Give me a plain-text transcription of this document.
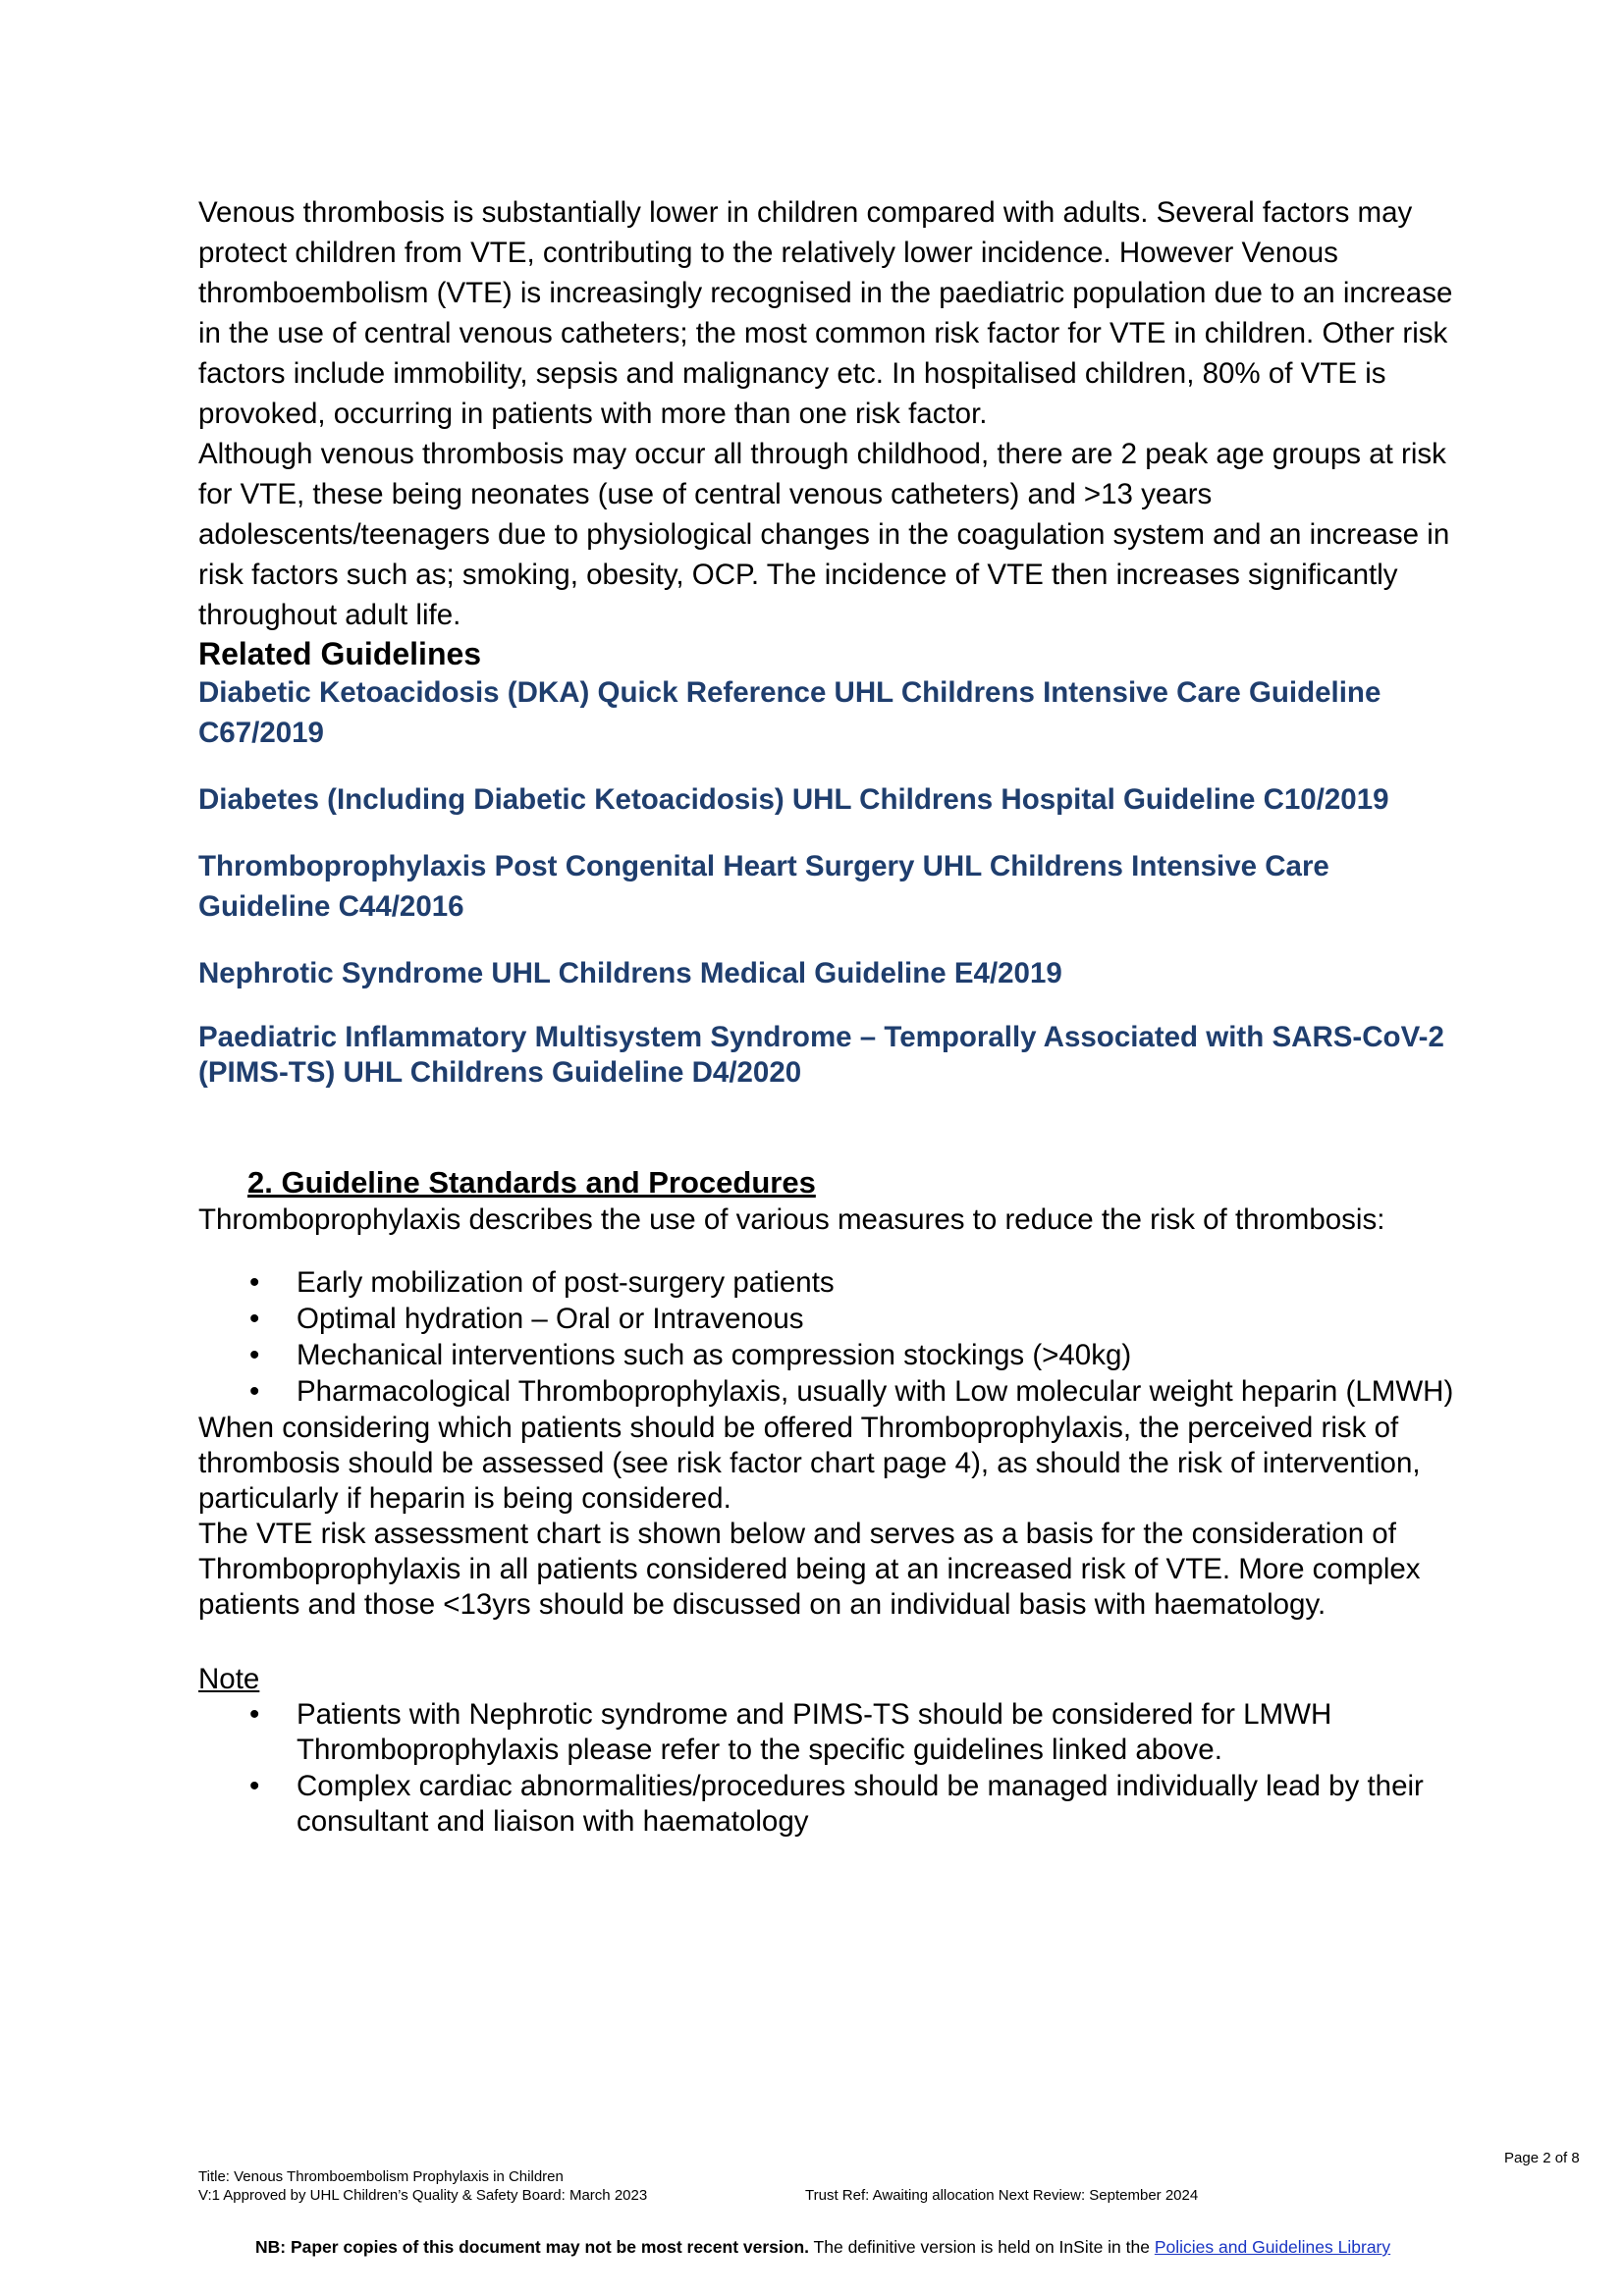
Venous thrombosis is substantially lower in children compared with adults. Several factors may protect children from VTE, contributing to the relatively lower incidence. However Venous thromboembolism (VTE) is increasingly recognised in the paediatric population due to an increase in the use of central venous catheters; the most common risk factor for VTE in children. Other risk factors include immobility, sepsis and malignancy etc. In hospitalised children, 80% of VTE is provoked, occurring in patients with more than one risk factor.

Although venous thrombosis may occur all through childhood, there are 2 peak age groups at risk for VTE, these being neonates (use of central venous catheters) and >13 years adolescents/teenagers due to physiological changes in the coagulation system and an increase in risk factors such as; smoking, obesity, OCP. The incidence of VTE then increases significantly throughout adult life.

Related Guidelines
Diabetic Ketoacidosis (DKA) Quick Reference UHL Childrens Intensive Care Guideline C67/2019
Diabetes (Including Diabetic Ketoacidosis) UHL Childrens Hospital Guideline C10/2019
Thromboprophylaxis Post Congenital Heart Surgery UHL Childrens Intensive Care Guideline C44/2016
Nephrotic Syndrome UHL Childrens Medical Guideline E4/2019
Paediatric Inflammatory Multisystem Syndrome – Temporally Associated with SARS-CoV-2 (PIMS-TS) UHL Childrens Guideline D4/2020
2. Guideline Standards and Procedures

Thromboprophylaxis describes the use of various measures to reduce the risk of thrombosis:

• Early mobilization of post-surgery patients
• Optimal hydration – Oral or Intravenous
• Mechanical interventions such as compression stockings (>40kg)
• Pharmacological Thromboprophylaxis, usually with Low molecular weight heparin (LMWH)

When considering which patients should be offered Thromboprophylaxis, the perceived risk of thrombosis should be assessed (see risk factor chart page 4), as should the risk of intervention, particularly if heparin is being considered.

The VTE risk assessment chart is shown below and serves as a basis for the consideration of Thromboprophylaxis in all patients considered being at an increased risk of VTE. More complex patients and those <13yrs should be discussed on an individual basis with haematology.

Note
• Patients with Nephrotic syndrome and PIMS-TS should be considered for LMWH Thromboprophylaxis please refer to the specific guidelines linked above.
• Complex cardiac abnormalities/procedures should be managed individually lead by their consultant and liaison with haematology
Page 2 of 8
Title: Venous Thromboembolism Prophylaxis in Children
V:1 Approved by UHL Children’s Quality & Safety Board: March 2023	Trust Ref: Awaiting allocation Next Review: September 2024
NB: Paper copies of this document may not be most recent version. The definitive version is held on InSite in the Policies and Guidelines Library
